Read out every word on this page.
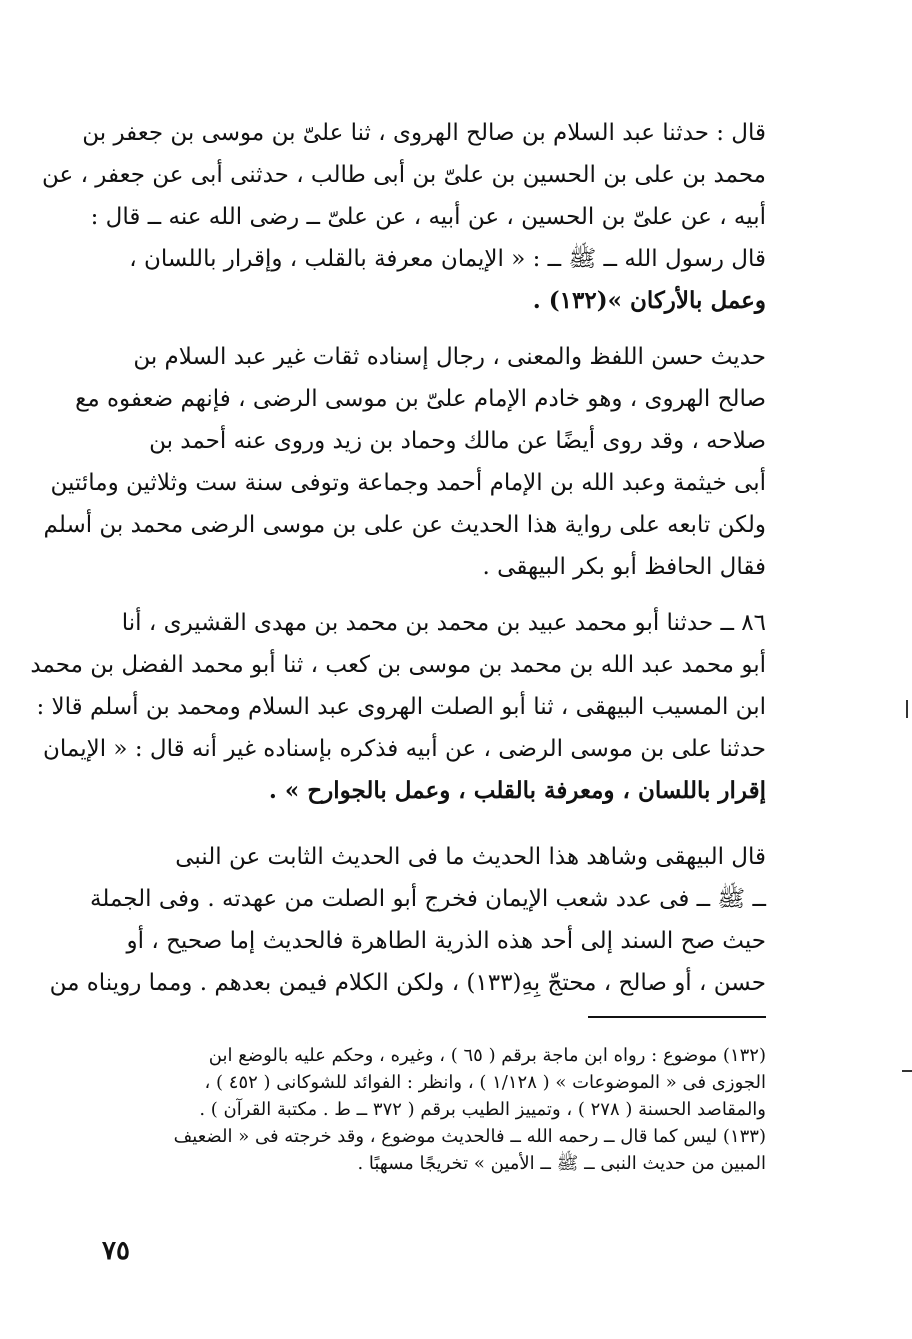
قال : حدثنا عبد السلام بن صالح الهروى ، ثنا علىّ بن موسى بن جعفر بن
محمد بن على بن الحسين بن علىّ بن أبى طالب ، حدثنى أبى عن جعفر ، عن
أبيه ، عن علىّ بن الحسين ، عن أبيه ، عن علىّ ــ رضى الله عنه ــ قال :
قال رسول الله ــ ﷺ ــ : « الإيمان معرفة بالقلب ، وإقرار باللسان ،
وعمل بالأركان »(١٣٢) .
حديث حسن اللفظ والمعنى ، رجال إسناده ثقات غير عبد السلام بن
صالح الهروى ، وهو خادم الإمام علىّ بن موسى الرضى ، فإنهم ضعفوه مع
صلاحه ، وقد روى أيضًا عن مالك وحماد بن زيد وروى عنه أحمد بن
أبى خيثمة وعبد الله بن الإمام أحمد وجماعة وتوفى سنة ست وثلاثين ومائتين
ولكن تابعه على رواية هذا الحديث عن على بن موسى الرضى محمد بن أسلم
فقال الحافظ أبو بكر البيهقى .
٨٦ ــ حدثنا أبو محمد عبيد بن محمد بن محمد بن مهدى القشيرى ، أنا
أبو محمد عبد الله بن محمد بن موسى بن كعب ، ثنا أبو محمد الفضل بن محمد
ابن المسيب البيهقى ، ثنا أبو الصلت الهروى عبد السلام ومحمد بن أسلم قالا :
حدثنا على بن موسى الرضى ، عن أبيه فذكره بإسناده غير أنه قال : « الإيمان
إقرار باللسان ، ومعرفة بالقلب ، وعمل بالجوارح » .
قال البيهقى وشاهد هذا الحديث ما فى الحديث الثابت عن النبى
ــ ﷺ ــ فى عدد شعب الإيمان فخرج أبو الصلت من عهدته . وفى الجملة
حيث صح السند إلى أحد هذه الذرية الطاهرة فالحديث إما صحيح ، أو
حسن ، أو صالح ، محتجّ بِهِ(١٣٣) ، ولكن الكلام فيمن بعدهم . ومما رويناه من
(١٣٢) موضوع : رواه ابن ماجة برقم ( ٦٥ ) ، وغيره ، وحكم عليه بالوضع ابن
الجوزى فى « الموضوعات » ( ١/١٢٨ ) ، وانظر : الفوائد للشوكانى ( ٤٥٢ ) ،
والمقاصد الحسنة ( ٢٧٨ ) ، وتمييز الطيب برقم ( ٣٧٢ ــ ط . مكتبة القرآن ) .
(١٣٣) ليس كما قال ــ رحمه الله ــ فالحديث موضوع ، وقد خرجته فى « الضعيف
المبين من حديث النبى ــ ﷺ ــ الأمين » تخريجًا مسهبًا .
٧٥
